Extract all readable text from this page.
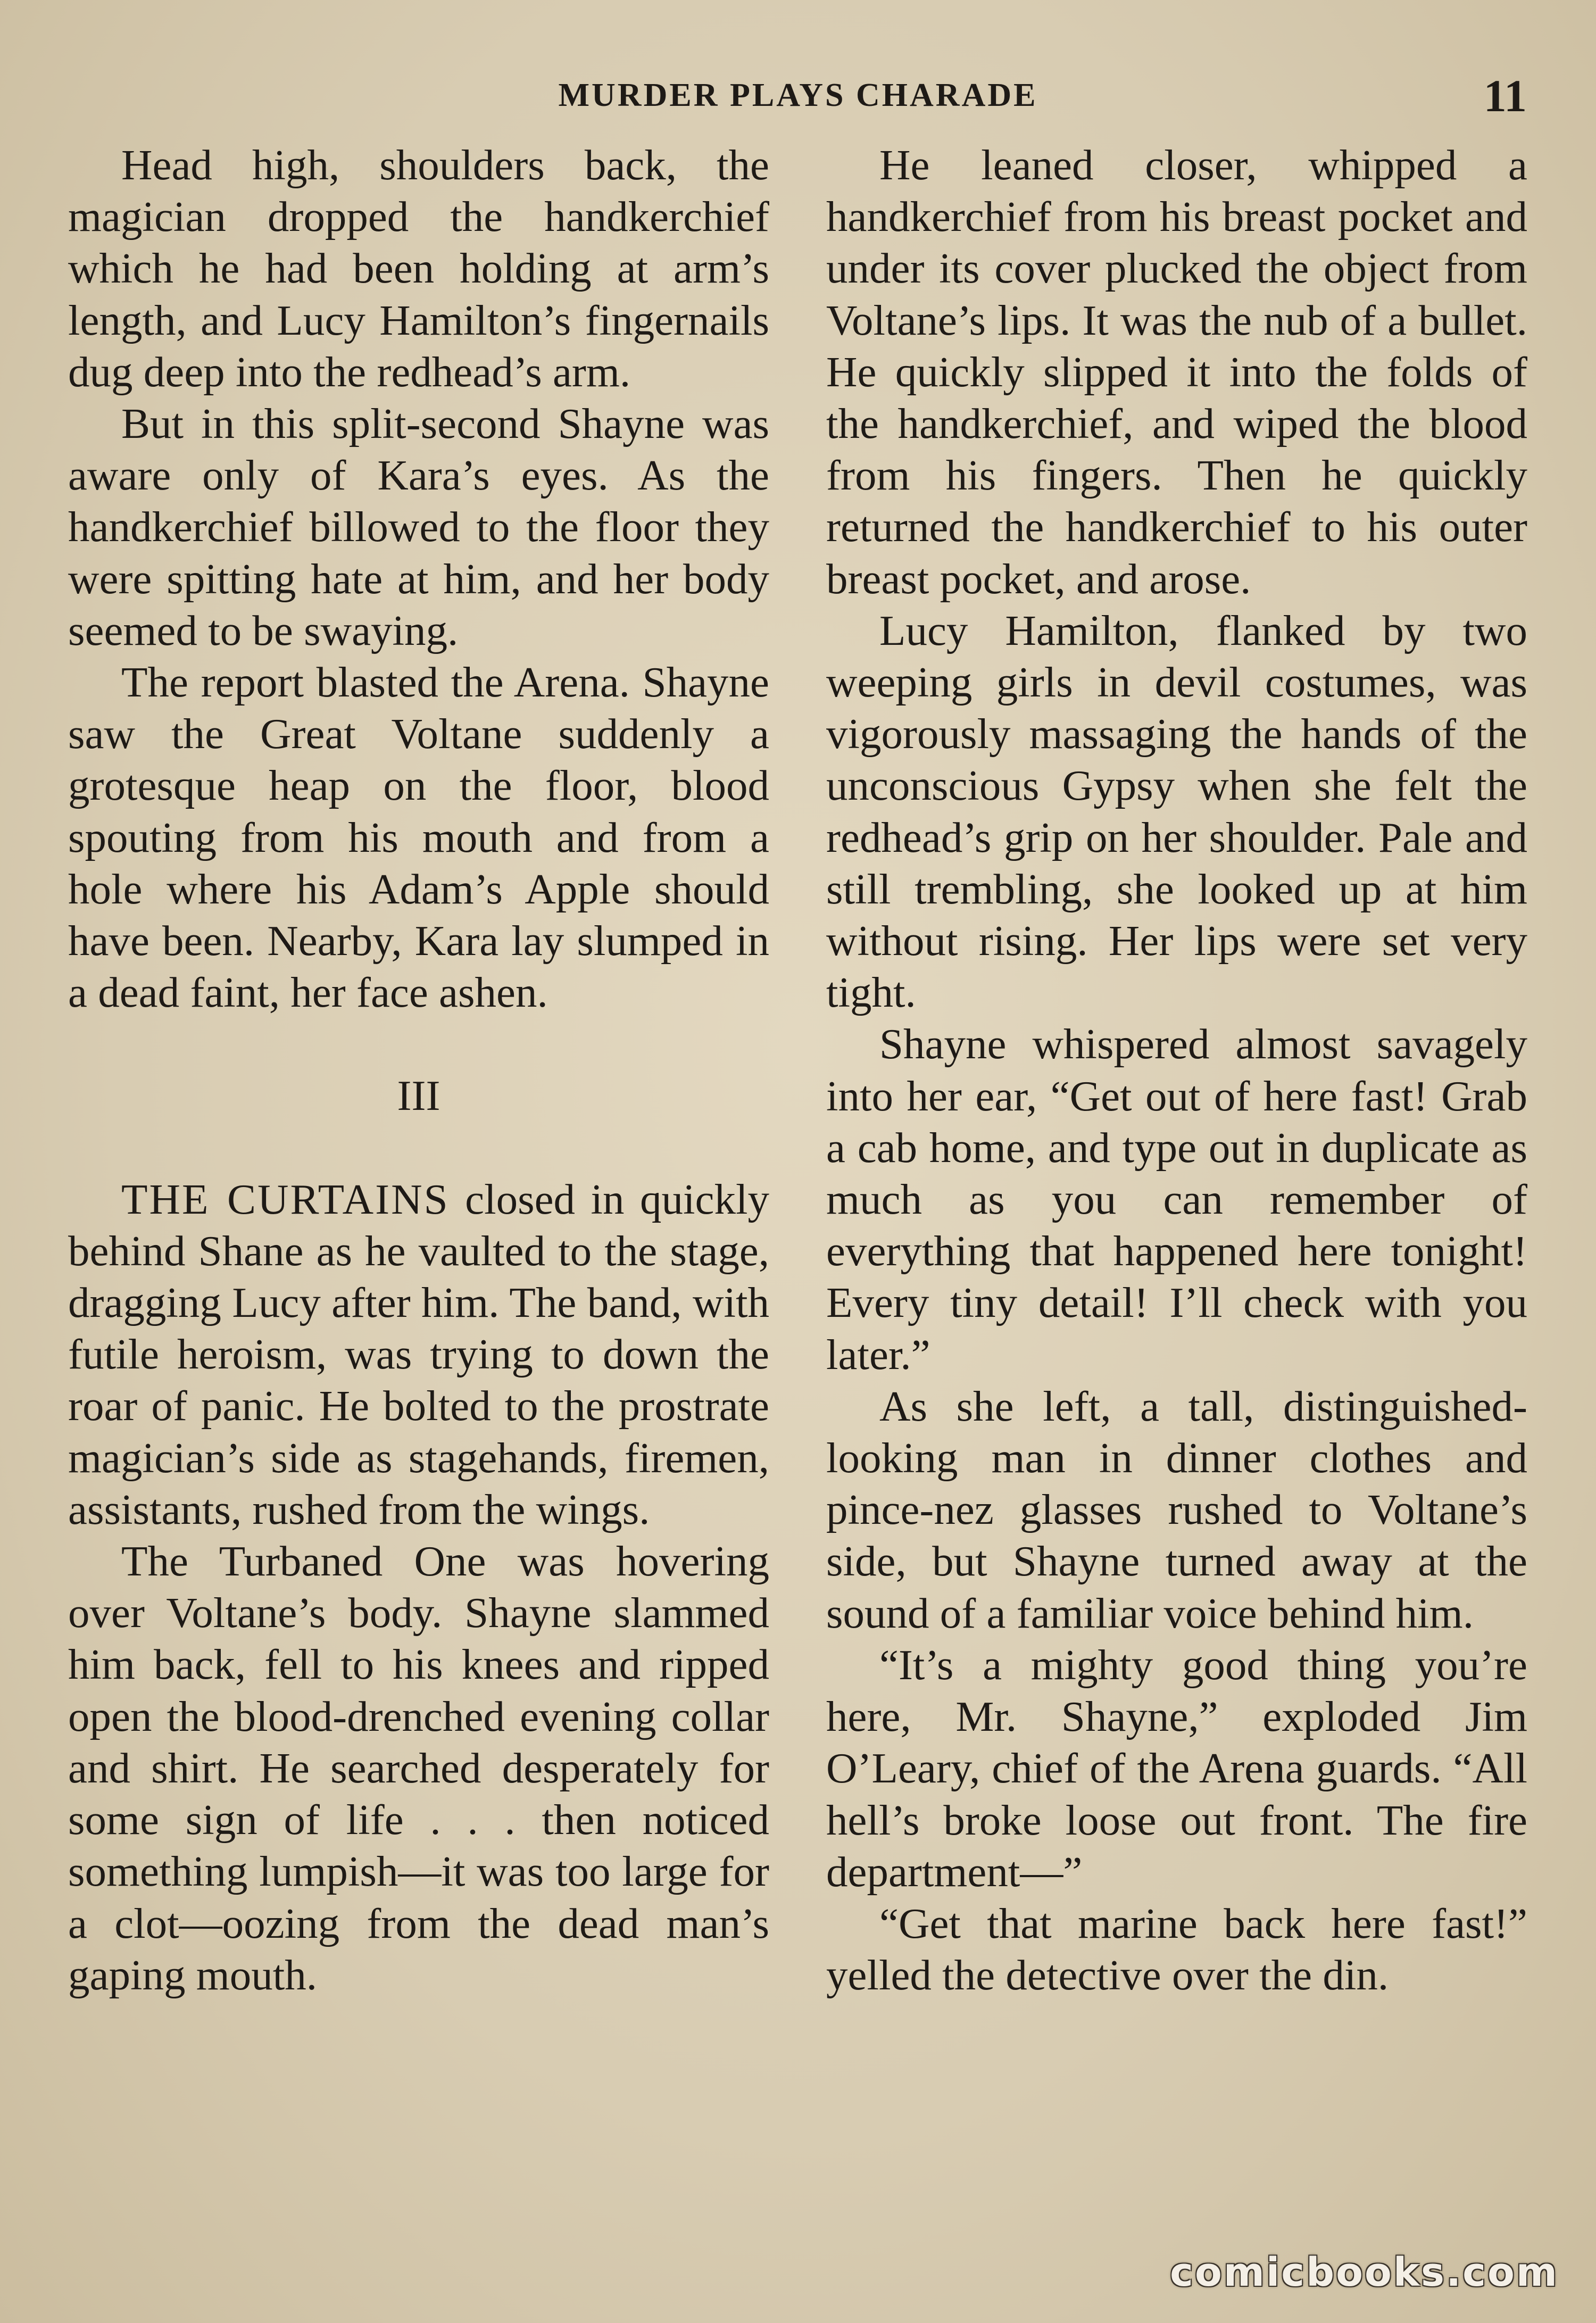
MURDER PLAYS CHARADE	11

Head high, shoulders back, the magician dropped the handkerchief which he had been holding at arm’s length, and Lucy Hamilton’s fingernails dug deep into the redhead’s arm.

But in this split-second Shayne was aware only of Kara’s eyes. As the handkerchief billowed to the floor they were spitting hate at him, and her body seemed to be swaying.

The report blasted the Arena. Shayne saw the Great Voltane suddenly a grotesque heap on the floor, blood spouting from his mouth and from a hole where his Adam’s Apple should have been. Nearby, Kara lay slumped in a dead faint, her face ashen.

III

THE CURTAINS closed in quickly behind Shane as he vaulted to the stage, dragging Lucy after him. The band, with futile heroism, was trying to down the roar of panic. He bolted to the prostrate magician’s side as stagehands, firemen, assistants, rushed from the wings.

The Turbaned One was hovering over Voltane’s body. Shayne slammed him back, fell to his knees and ripped open the blood-drenched evening collar and shirt. He searched desperately for some sign of life . . . then noticed something lumpish—it was too large for a clot—oozing from the dead man’s gaping mouth.

He leaned closer, whipped a handkerchief from his breast pocket and under its cover plucked the object from Voltane’s lips. It was the nub of a bullet. He quickly slipped it into the folds of the handkerchief, and wiped the blood from his fingers. Then he quickly returned the handkerchief to his outer breast pocket, and arose.

Lucy Hamilton, flanked by two weeping girls in devil costumes, was vigorously massaging the hands of the unconscious Gypsy when she felt the redhead’s grip on her shoulder. Pale and still trembling, she looked up at him without rising. Her lips were set very tight.

Shayne whispered almost savagely into her ear, “Get out of here fast! Grab a cab home, and type out in duplicate as much as you can remember of everything that happened here tonight! Every tiny detail! I’ll check with you later.”

As she left, a tall, distinguished-looking man in dinner clothes and pince-nez glasses rushed to Voltane’s side, but Shayne turned away at the sound of a familiar voice behind him.

“It’s a mighty good thing you’re here, Mr. Shayne,” exploded Jim O’Leary, chief of the Arena guards. “All hell’s broke loose out front. The fire department—”

“Get that marine back here fast!” yelled the detective over the din.

comicbooks.com
